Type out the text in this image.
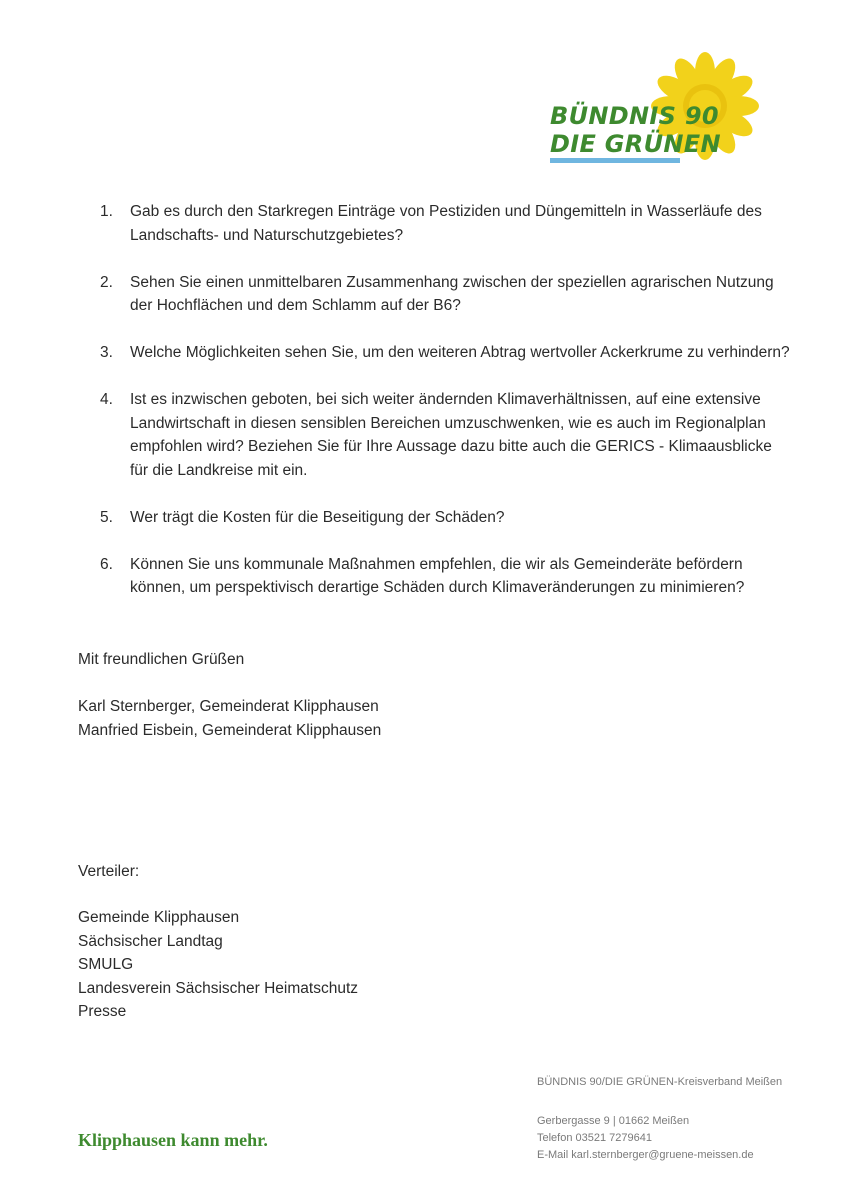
BÜNDNIS 90
DIE GRÜNEN
1. Gab es durch den Starkregen Einträge von Pestiziden und Düngemitteln in Wasserläufe des Landschafts- und Naturschutzgebietes?
2. Sehen Sie einen unmittelbaren Zusammenhang zwischen der speziellen agrarischen Nutzung der Hochflächen und dem Schlamm auf der B6?
3. Welche Möglichkeiten sehen Sie, um den weiteren Abtrag wertvoller Ackerkrume zu verhindern?
4. Ist es inzwischen geboten, bei sich weiter ändernden Klimaverhältnissen, auf eine extensive Landwirtschaft in diesen sensiblen Bereichen umzuschwenken, wie es auch im Regionalplan empfohlen wird? Beziehen Sie für Ihre Aussage dazu bitte auch die GERICS - Klimaausblicke für die Landkreise mit ein.
5. Wer trägt die Kosten für die Beseitigung der Schäden?
6. Können Sie uns kommunale Maßnahmen empfehlen, die wir als Gemeinderäte befördern können, um perspektivisch derartige Schäden durch Klimaveränderungen zu minimieren?
Mit freundlichen Grüßen
Karl Sternberger, Gemeinderat Klipphausen
Manfried Eisbein, Gemeinderat Klipphausen
Verteiler:
Gemeinde Klipphausen
Sächsischer Landtag
SMULG
Landesverein Sächsischer Heimatschutz
Presse
Klipphausen kann mehr.
BÜNDNIS 90/DIE GRÜNEN-Kreisverband Meißen
Gerbergasse 9 | 01662 Meißen
Telefon 03521 7279641
E-Mail karl.sternberger@gruene-meissen.de
